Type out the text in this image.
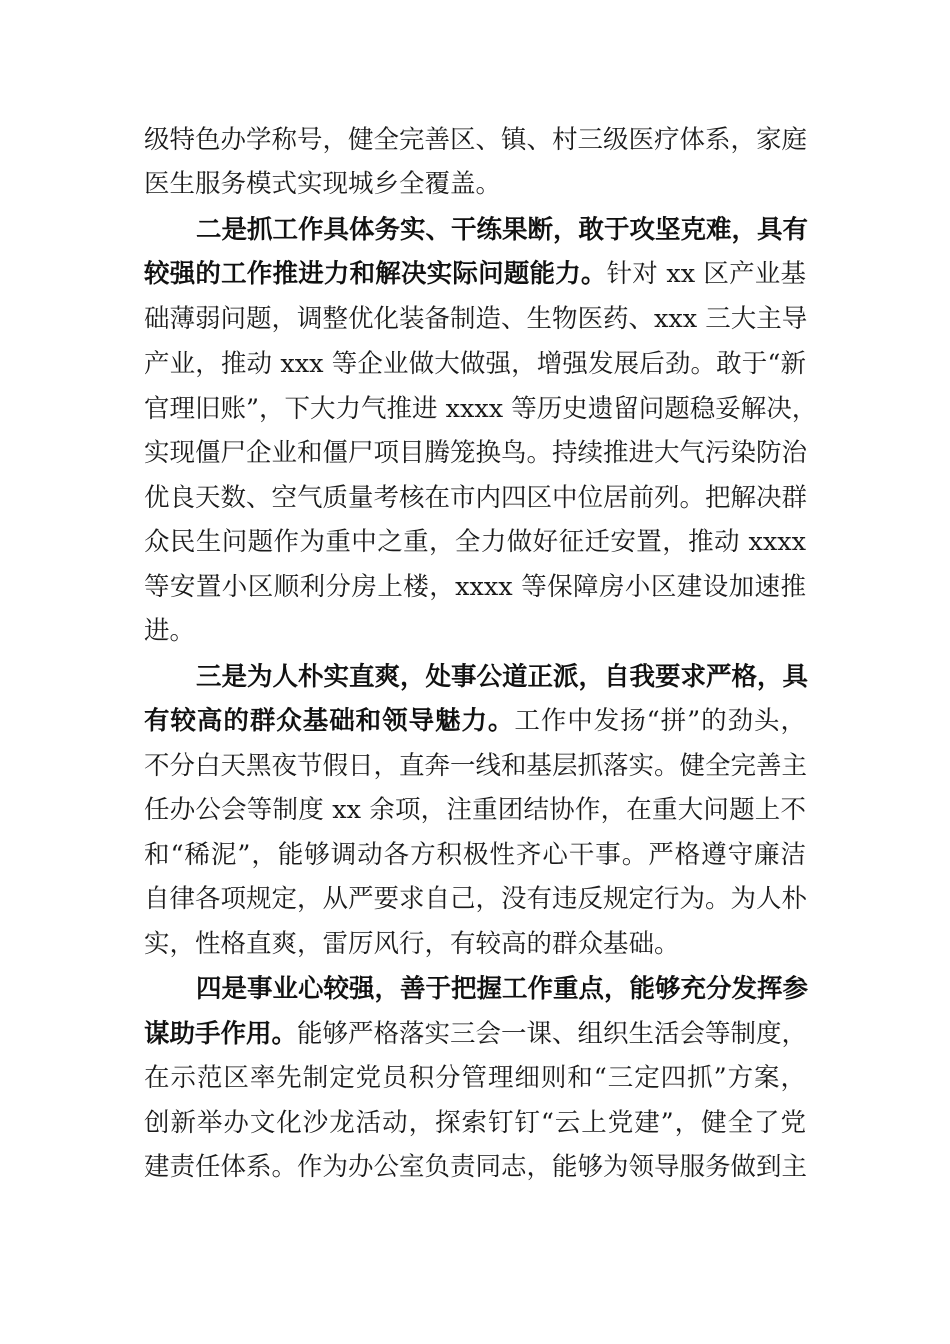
级特色办学称号，健全完善区、镇、村三级医疗体系，家庭
医生服务模式实现城乡全覆盖。
二是抓工作具体务实、干练果断，敢于攻坚克难，具有
较强的工作推进力和解决实际问题能力。针对 xx 区产业基
础薄弱问题，调整优化装备制造、生物医药、xxx 三大主导
产业，推动 xxx 等企业做大做强，增强发展后劲。敢于“新
官理旧账”，下大力气推进 xxxx 等历史遗留问题稳妥解决，
实现僵尸企业和僵尸项目腾笼换鸟。持续推进大气污染防治
优良天数、空气质量考核在市内四区中位居前列。把解决群
众民生问题作为重中之重，全力做好征迁安置，推动 xxxx
等安置小区顺利分房上楼，xxxx 等保障房小区建设加速推
进。
三是为人朴实直爽，处事公道正派，自我要求严格，具
有较高的群众基础和领导魅力。工作中发扬“拼”的劲头，
不分白天黑夜节假日，直奔一线和基层抓落实。健全完善主
任办公会等制度 xx 余项，注重团结协作，在重大问题上不
和“稀泥”，能够调动各方积极性齐心干事。严格遵守廉洁
自律各项规定，从严要求自己，没有违反规定行为。为人朴
实，性格直爽，雷厉风行，有较高的群众基础。
四是事业心较强，善于把握工作重点，能够充分发挥参
谋助手作用。能够严格落实三会一课、组织生活会等制度，
在示范区率先制定党员积分管理细则和“三定四抓”方案，
创新举办文化沙龙活动，探索钉钉“云上党建”，健全了党
建责任体系。作为办公室负责同志，能够为领导服务做到主
